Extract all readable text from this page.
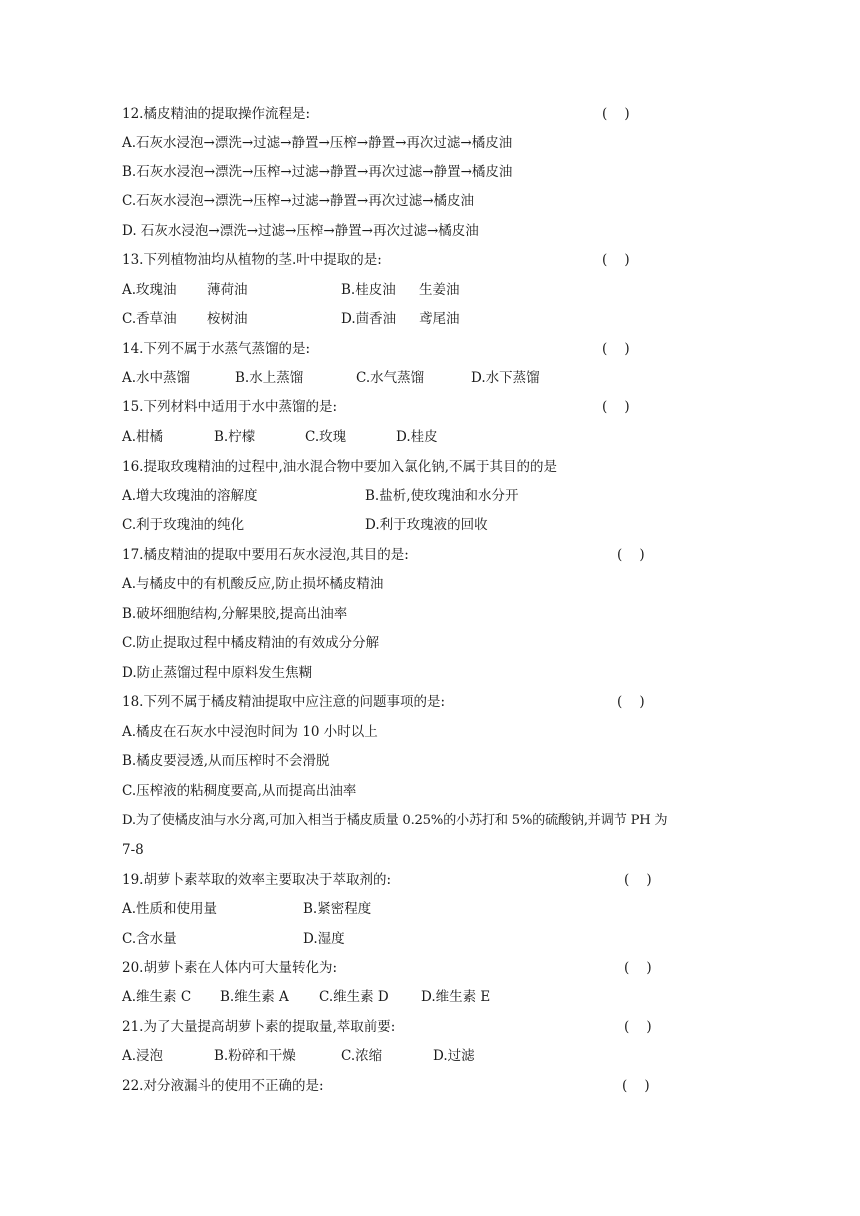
12.橘皮精油的提取操作流程是:	(    )
A.石灰水浸泡→漂洗→过滤→静置→压榨→静置→再次过滤→橘皮油
B.石灰水浸泡→漂洗→压榨→过滤→静置→再次过滤→静置→橘皮油
C.石灰水浸泡→漂洗→压榨→过滤→静置→再次过滤→橘皮油
D. 石灰水浸泡→漂洗→过滤→压榨→静置→再次过滤→橘皮油
13.下列植物油均从植物的茎.叶中提取的是:	(    )
A.玫瑰油 薄荷油	B.桂皮油 生姜油
C.香草油 桉树油	D.茴香油 鸢尾油
14.下列不属于水蒸气蒸馏的是:	(    )
A.水中蒸馏	B.水上蒸馏	C.水气蒸馏	D.水下蒸馏
15.下列材料中适用于水中蒸馏的是:	(    )
A.柑橘	B.柠檬	C.玫瑰	D.桂皮
16.提取玫瑰精油的过程中,油水混合物中要加入氯化钠,不属于其目的的是
A.增大玫瑰油的溶解度	B.盐析,使玫瑰油和水分开
C.利于玫瑰油的纯化	D.利于玫瑰液的回收
17.橘皮精油的提取中要用石灰水浸泡,其目的是:	(    )
A.与橘皮中的有机酸反应,防止损坏橘皮精油
B.破坏细胞结构,分解果胶,提高出油率
C.防止提取过程中橘皮精油的有效成分分解
D.防止蒸馏过程中原料发生焦糊
18.下列不属于橘皮精油提取中应注意的问题事项的是:	(    )
A.橘皮在石灰水中浸泡时间为 10 小时以上
B.橘皮要浸透,从而压榨时不会滑脱
C.压榨液的粘稠度要高,从而提高出油率
D.为了使橘皮油与水分离,可加入相当于橘皮质量 0.25%的小苏打和 5%的硫酸钠,并调节 PH 为
7-8
19.胡萝卜素萃取的效率主要取决于萃取剂的:	(    )
A.性质和使用量	B.紧密程度
C.含水量	D.湿度
20.胡萝卜素在人体内可大量转化为:	(    )
A.维生素 C B.维生素 A C.维生素 D D.维生素 E
21.为了大量提高胡萝卜素的提取量,萃取前要:	(    )
A.浸泡	B.粉碎和干燥	C.浓缩	D.过滤
22.对分液漏斗的使用不正确的是:	(    )
